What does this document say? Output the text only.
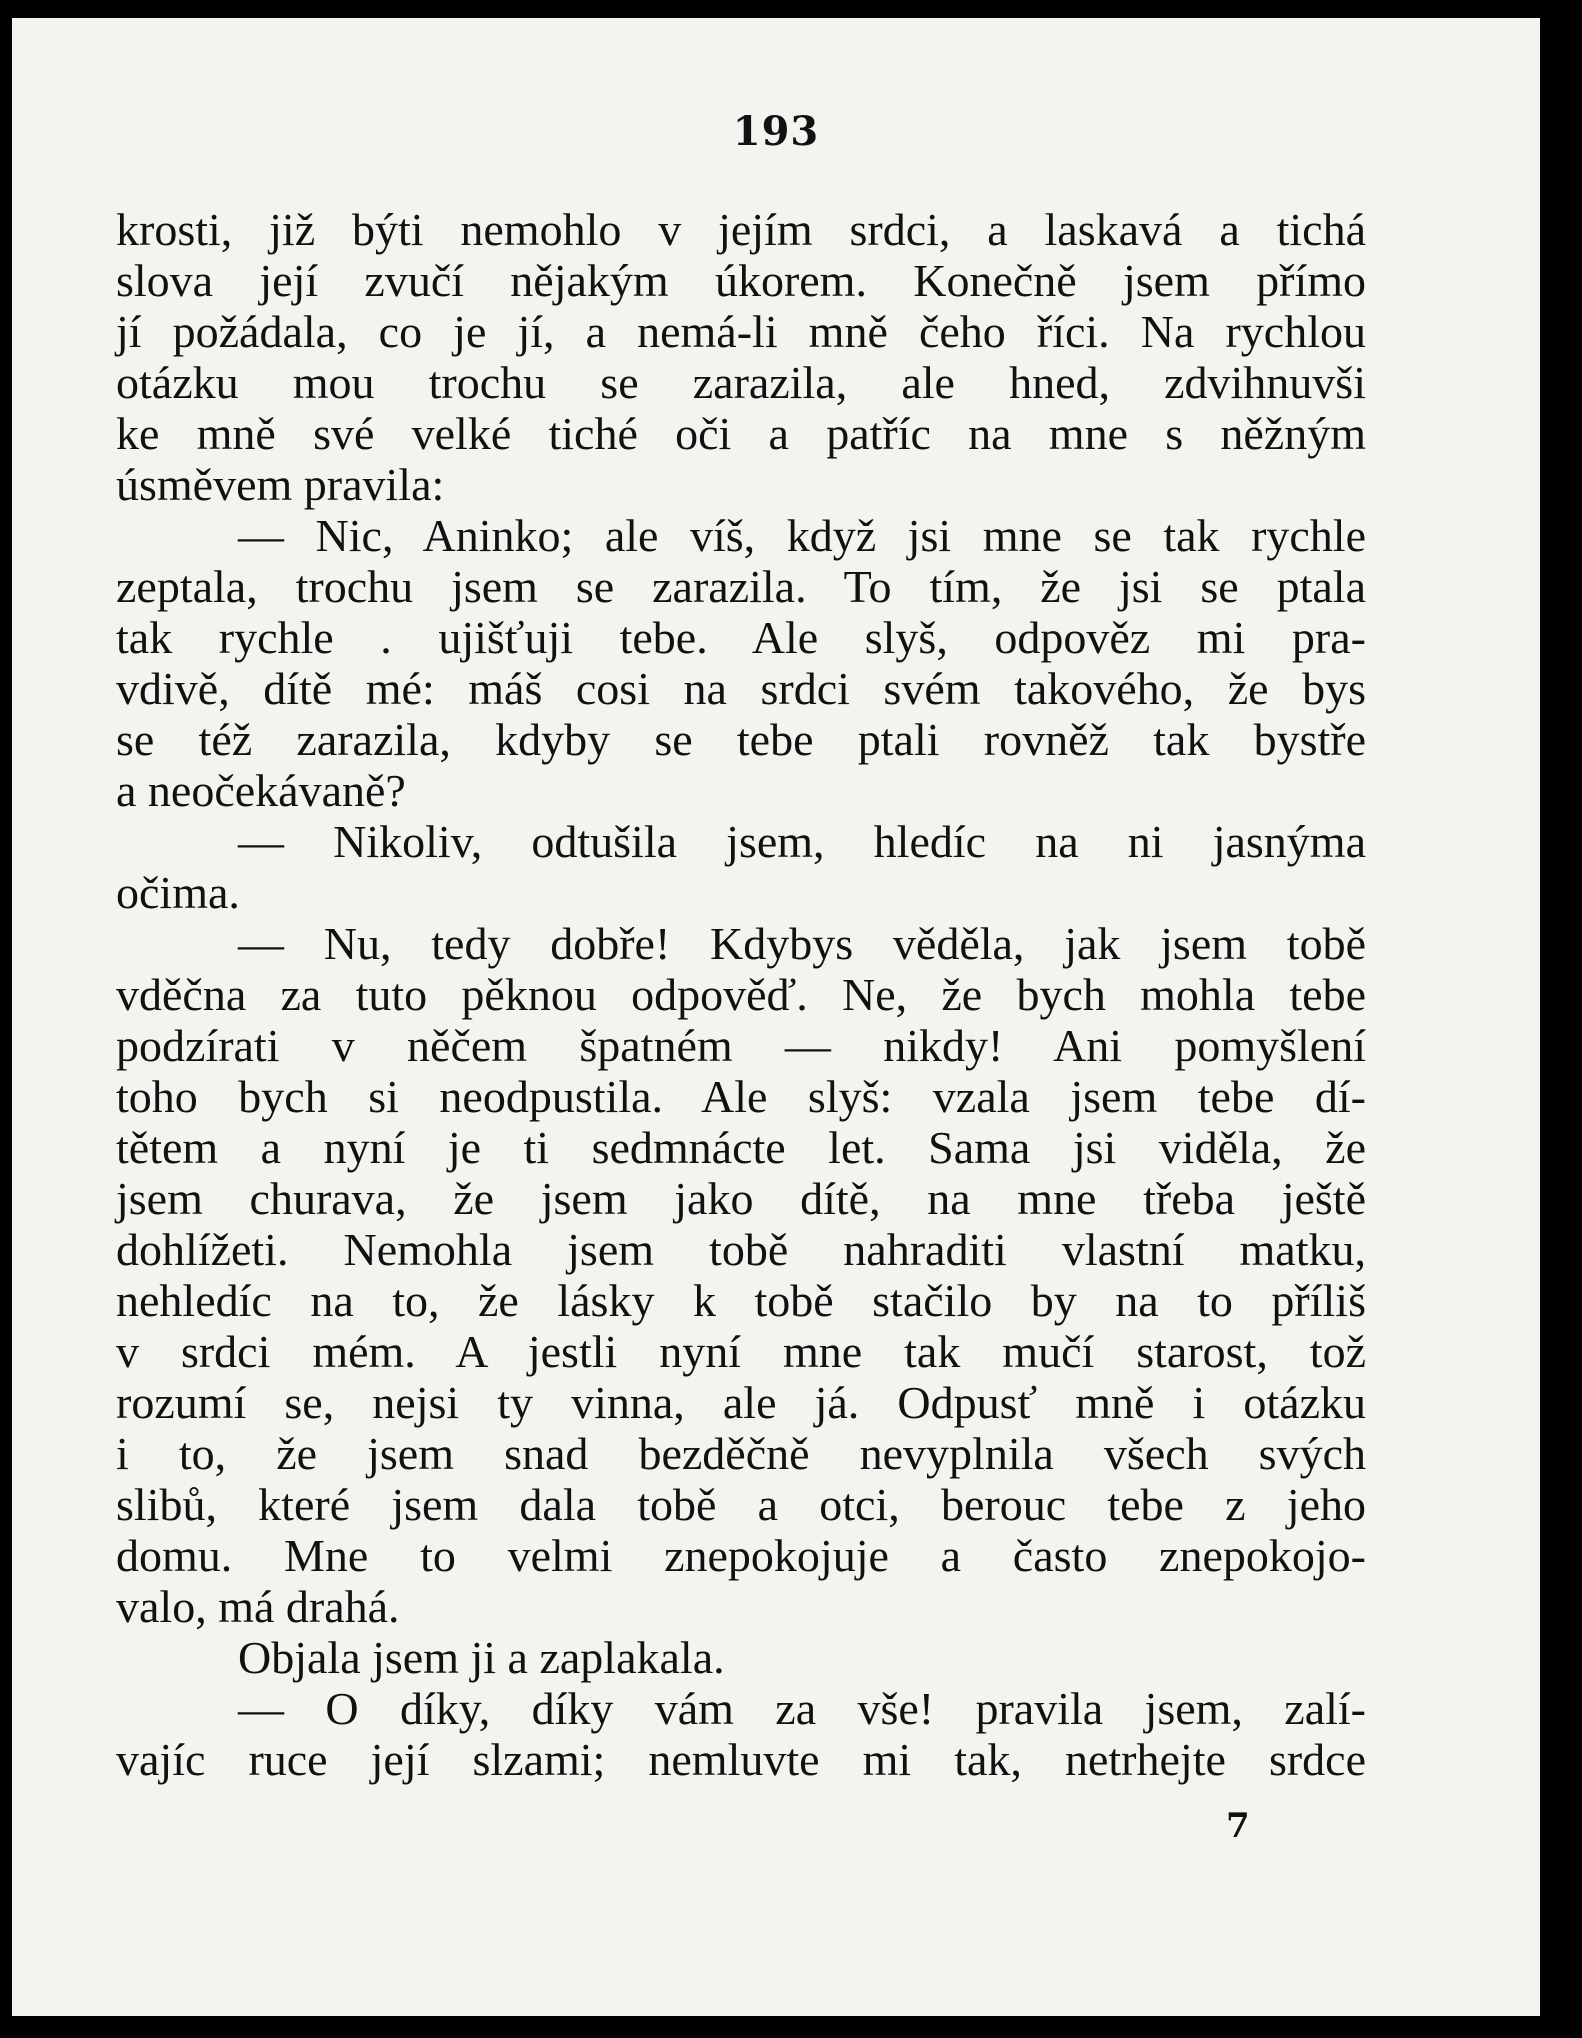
193
krosti, již býti nemohlo v jejím srdci, a laskavá a tichá
slova její zvučí nějakým úkorem. Konečně jsem přímo
jí požádala, co je jí, a nemá-li mně čeho říci. Na rychlou
otázku mou trochu se zarazila, ale hned, zdvihnuvši
ke mně své velké tiché oči a patříc na mne s něžným
úsměvem pravila:
— Nic, Aninko; ale víš, když jsi mne se tak rychle
zeptala, trochu jsem se zarazila. To tím, že jsi se ptala
tak rychle . ujišťuji tebe. Ale slyš, odpověz mi pra-
vdivě, dítě mé: máš cosi na srdci svém takového, že bys
se též zarazila, kdyby se tebe ptali rovněž tak bystře
a neočekávaně?
— Nikoliv, odtušila jsem, hledíc na ni jasnýma
očima.
— Nu, tedy dobře! Kdybys věděla, jak jsem tobě
vděčna za tuto pěknou odpověď. Ne, že bych mohla tebe
podzírati v něčem špatném — nikdy! Ani pomyšlení
toho bych si neodpustila. Ale slyš: vzala jsem tebe dí-
tětem a nyní je ti sedmnácte let. Sama jsi viděla, že
jsem churava, že jsem jako dítě, na mne třeba ještě
dohlížeti. Nemohla jsem tobě nahraditi vlastní matku,
nehledíc na to, že lásky k tobě stačilo by na to příliš
v srdci mém. A jestli nyní mne tak mučí starost, tož
rozumí se, nejsi ty vinna, ale já. Odpusť mně i otázku
i to, že jsem snad bezděčně nevyplnila všech svých
slibů, které jsem dala tobě a otci, berouc tebe z jeho
domu. Mne to velmi znepokojuje a často znepokojo-
valo, má drahá.
Objala jsem ji a zaplakala.
— O díky, díky vám za vše! pravila jsem, zalí-
vajíc ruce její slzami; nemluvte mi tak, netrhejte srdce
7
